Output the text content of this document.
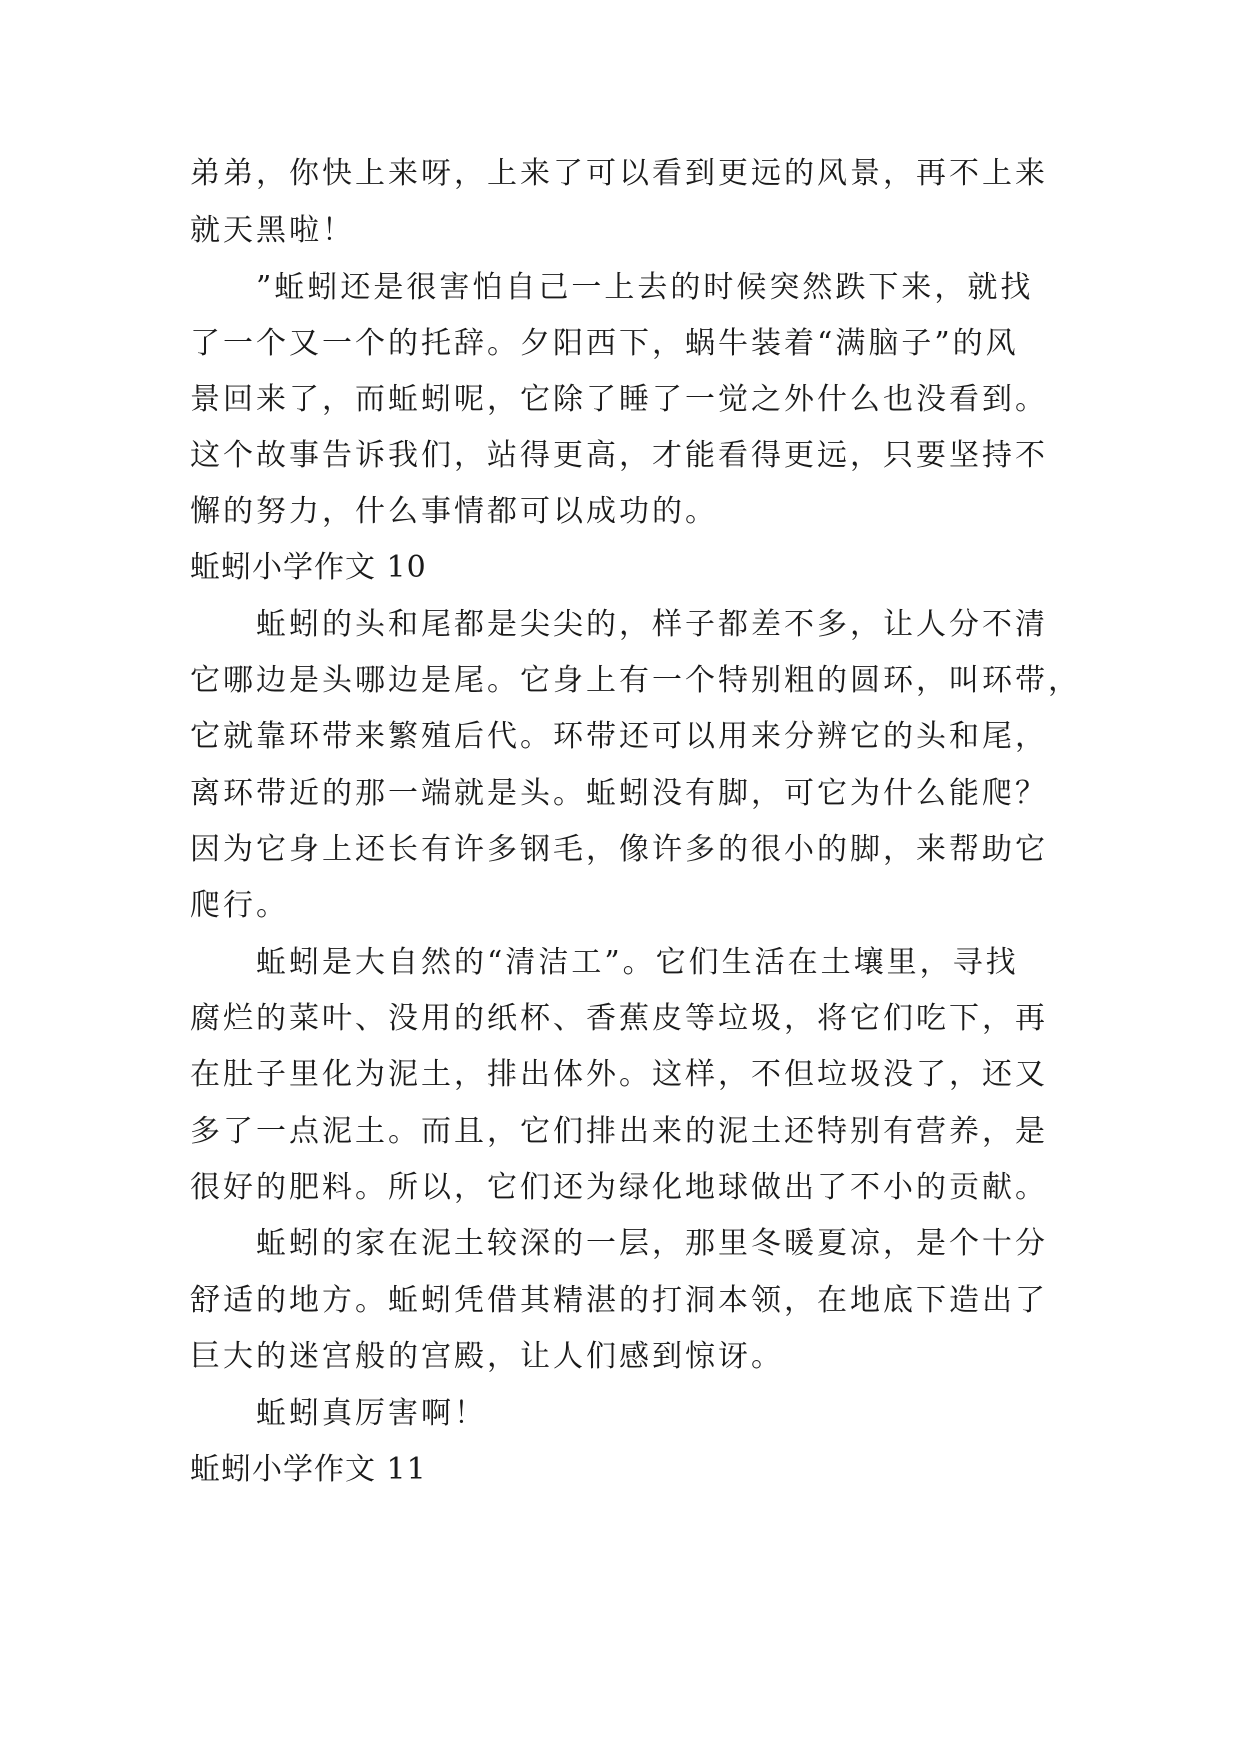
弟弟，你快上来呀，上来了可以看到更远的风景，再不上来
就天黑啦！
”蚯蚓还是很害怕自己一上去的时候突然跌下来，就找
了一个又一个的托辞。夕阳西下，蜗牛装着“满脑子”的风
景回来了，而蚯蚓呢，它除了睡了一觉之外什么也没看到。
这个故事告诉我们，站得更高，才能看得更远，只要坚持不
懈的努力，什么事情都可以成功的。
蚯蚓小学作文 10
蚯蚓的头和尾都是尖尖的，样子都差不多，让人分不清
它哪边是头哪边是尾。它身上有一个特别粗的圆环，叫环带，
它就靠环带来繁殖后代。环带还可以用来分辨它的头和尾，
离环带近的那一端就是头。蚯蚓没有脚，可它为什么能爬？
因为它身上还长有许多钢毛，像许多的很小的脚，来帮助它
爬行。
蚯蚓是大自然的“清洁工”。它们生活在土壤里，寻找
腐烂的菜叶、没用的纸杯、香蕉皮等垃圾，将它们吃下，再
在肚子里化为泥土，排出体外。这样，不但垃圾没了，还又
多了一点泥土。而且，它们排出来的泥土还特别有营养，是
很好的肥料。所以，它们还为绿化地球做出了不小的贡献。
蚯蚓的家在泥土较深的一层，那里冬暖夏凉，是个十分
舒适的地方。蚯蚓凭借其精湛的打洞本领，在地底下造出了
巨大的迷宫般的宫殿，让人们感到惊讶。
蚯蚓真厉害啊！
蚯蚓小学作文 11
